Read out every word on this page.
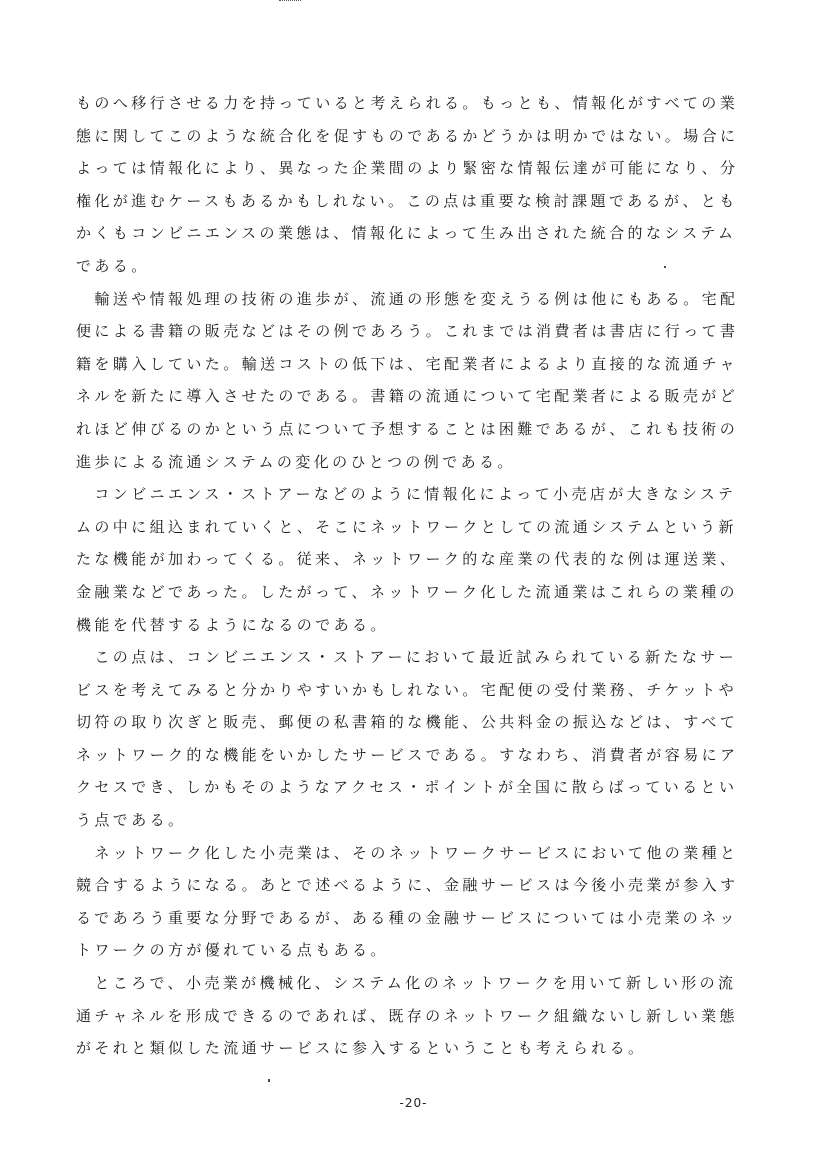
ものへ移行させる力を持っていると考えられる。もっとも、情報化がすべての業
態に関してこのような統合化を促すものであるかどうかは明かではない。場合に
よっては情報化により、異なった企業間のより緊密な情報伝達が可能になり、分
権化が進むケースもあるかもしれない。この点は重要な検討課題であるが、とも
かくもコンビニエンスの業態は、情報化によって生み出された統合的なシステム
である。

　輸送や情報処理の技術の進歩が、流通の形態を変えうる例は他にもある。宅配
便による書籍の販売などはその例であろう。これまでは消費者は書店に行って書
籍を購入していた。輸送コストの低下は、宅配業者によるより直接的な流通チャ
ネルを新たに導入させたのである。書籍の流通について宅配業者による販売がど
れほど伸びるのかという点について予想することは困難であるが、これも技術の
進歩による流通システムの変化のひとつの例である。

　コンビニエンス・ストアーなどのように情報化によって小売店が大きなシステ
ムの中に組込まれていくと、そこにネットワークとしての流通システムという新
たな機能が加わってくる。従来、ネットワーク的な産業の代表的な例は運送業、
金融業などであった。したがって、ネットワーク化した流通業はこれらの業種の
機能を代替するようになるのである。

　この点は、コンビニエンス・ストアーにおいて最近試みられている新たなサー
ビスを考えてみると分かりやすいかもしれない。宅配便の受付業務、チケットや
切符の取り次ぎと販売、郵便の私書箱的な機能、公共料金の振込などは、すべて
ネットワーク的な機能をいかしたサービスである。すなわち、消費者が容易にア
クセスでき、しかもそのようなアクセス・ポイントが全国に散らばっているとい
う点である。

　ネットワーク化した小売業は、そのネットワークサービスにおいて他の業種と
競合するようになる。あとで述べるように、金融サービスは今後小売業が参入す
るであろう重要な分野であるが、ある種の金融サービスについては小売業のネッ
トワークの方が優れている点もある。

　ところで、小売業が機械化、システム化のネットワークを用いて新しい形の流
通チャネルを形成できるのであれば、既存のネットワーク組織ないし新しい業態
がそれと類似した流通サービスに参入するということも考えられる。

-20-
